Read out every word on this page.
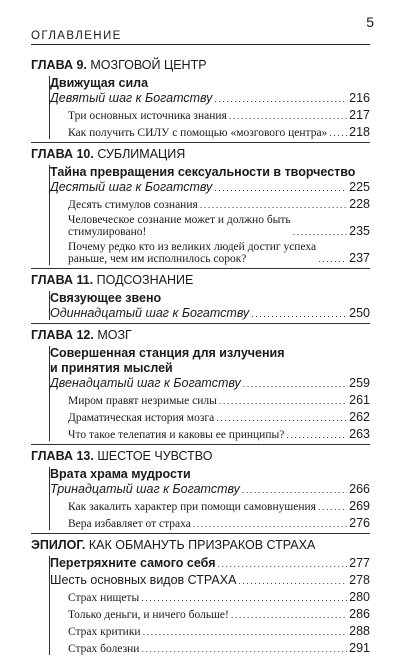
5
ОГЛАВЛЕНИЕ
ГЛАВА 9. МОЗГОВОЙ ЦЕНТР
Движущая сила
Девятый шаг к Богатству . . .	216
Три основных источника знания . . .	217
Как получить СИЛУ с помощью «мозгового центра» . . . 218
ГЛАВА 10. СУБЛИМАЦИЯ
Тайна превращения сексуальности в творчество
Десятый шаг к Богатству . . .	225
Десять стимулов сознания . . .	228
Человеческое сознание может и должно быть
стимулировано! . . .	235
Почему редко кто из великих людей достиг успеха
раньше, чем им исполнилось сорок? . . .	237
ГЛАВА 11. ПОДСОЗНАНИЕ
Связующее звено
Одиннадцатый шаг к Богатству . . .	250
ГЛАВА 12. МОЗГ
Совершенная станция для излучения
и принятия мыслей
Двенадцатый шаг к Богатству . . .	259
Миром правят незримые силы . . .	261
Драматическая история мозга . . .	262
Что такое телепатия и каковы ее принципы? . . .	263
ГЛАВА 13. ШЕСТОЕ ЧУВСТВО
Врата храма мудрости
Тринадцатый шаг к Богатству . . .	266
Как закалить характер при помощи самовнушения . . .	269
Вера избавляет от страха . . .	276
ЭПИЛОГ. КАК ОБМАНУТЬ ПРИЗРАКОВ СТРАХА
Перетряхните самого себя . . .	277
Шесть основных видов СТРАХА . . .	278
Страх нищеты . . .	280
Только деньги, и ничего больше! . . .	286
Страх критики . . .	288
Страх болезни . . .	291
